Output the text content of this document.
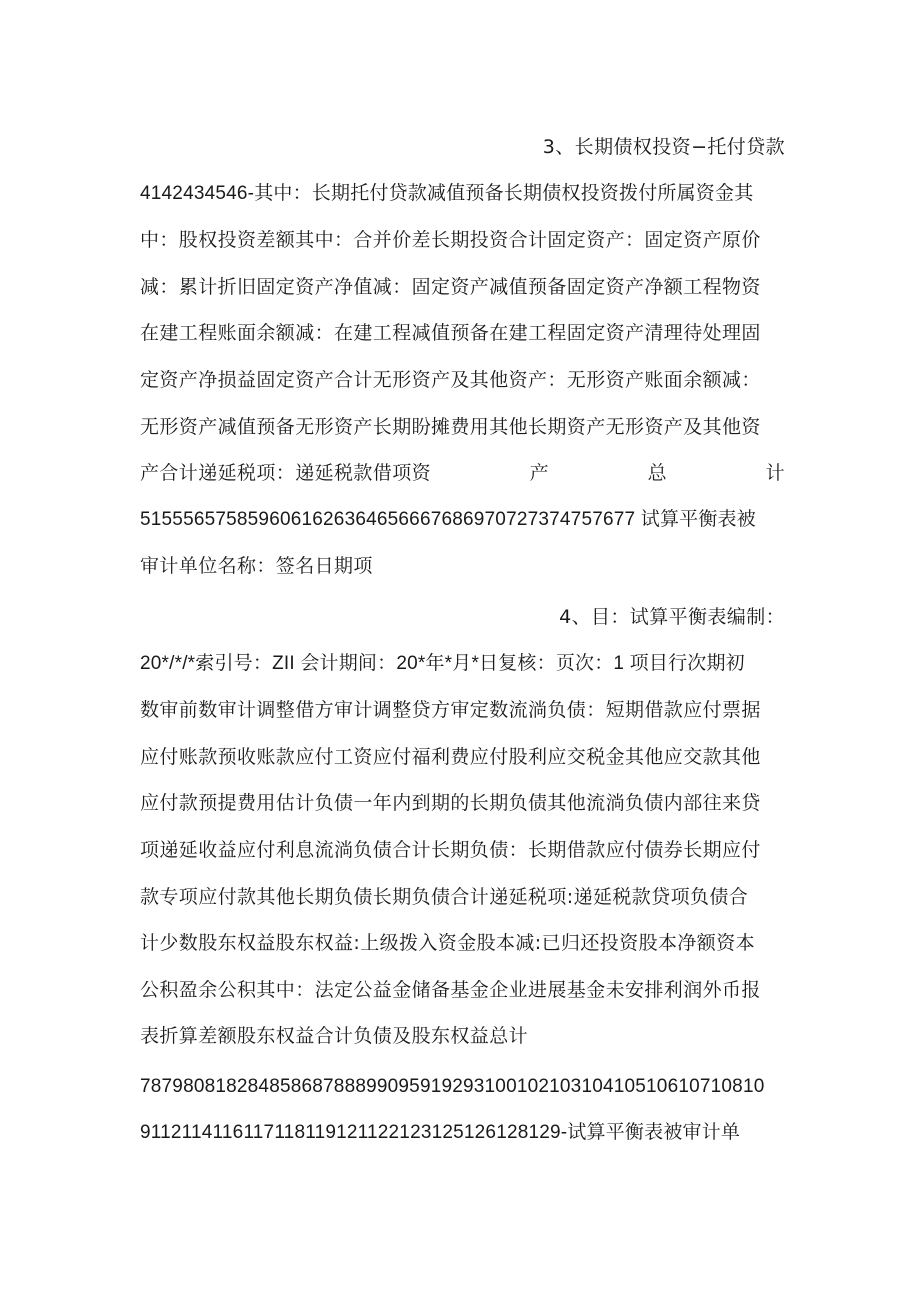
3、长期债权投资−托付贷款
4142434546-其中：长期托付贷款减值预备长期债权投资拨付所属资金其
中：股权投资差额其中：合并价差长期投资合计固定资产：固定资产原价
减：累计折旧固定资产净值减：固定资产减值预备固定资产净额工程物资
在建工程账面余额减：在建工程减值预备在建工程固定资产清理待处理固
定资产净损益固定资产合计无形资产及其他资产：无形资产账面余额减：
无形资产减值预备无形资产长期盼摊费用其他长期资产无形资产及其他资
产合计递延税项：递延税款借项资	产	总	计
5155565758596061626364656667686970727374757677 试算平衡表被
审计单位名称：签名日期项
4、目：试算平衡表编制：
20*/*/*索引号：ZII 会计期间：20*年*月*日复核：页次：1 项目行次期初
数审前数审计调整借方审计调整贷方审定数流淌负债：短期借款应付票据
应付账款预收账款应付工资应付福利费应付股利应交税金其他应交款其他
应付款预提费用估计负债一年内到期的长期负债其他流淌负债内部往来贷
项递延收益应付利息流淌负债合计长期负债：长期借款应付债券长期应付
款专项应付款其他长期负债长期负债合计递延税项:递延税款贷项负债合
计少数股东权益股东权益:上级拨入资金股本减:已归还投资股本净额资本
公积盈余公积其中：法定公益金储备基金企业进展基金未安排利润外币报
表折算差额股东权益合计负债及股东权益总计
787980818284858687888990959192931001021031041051061071081​0
911211411611711811912112212312512612812​9-试算平衡表被审计单
